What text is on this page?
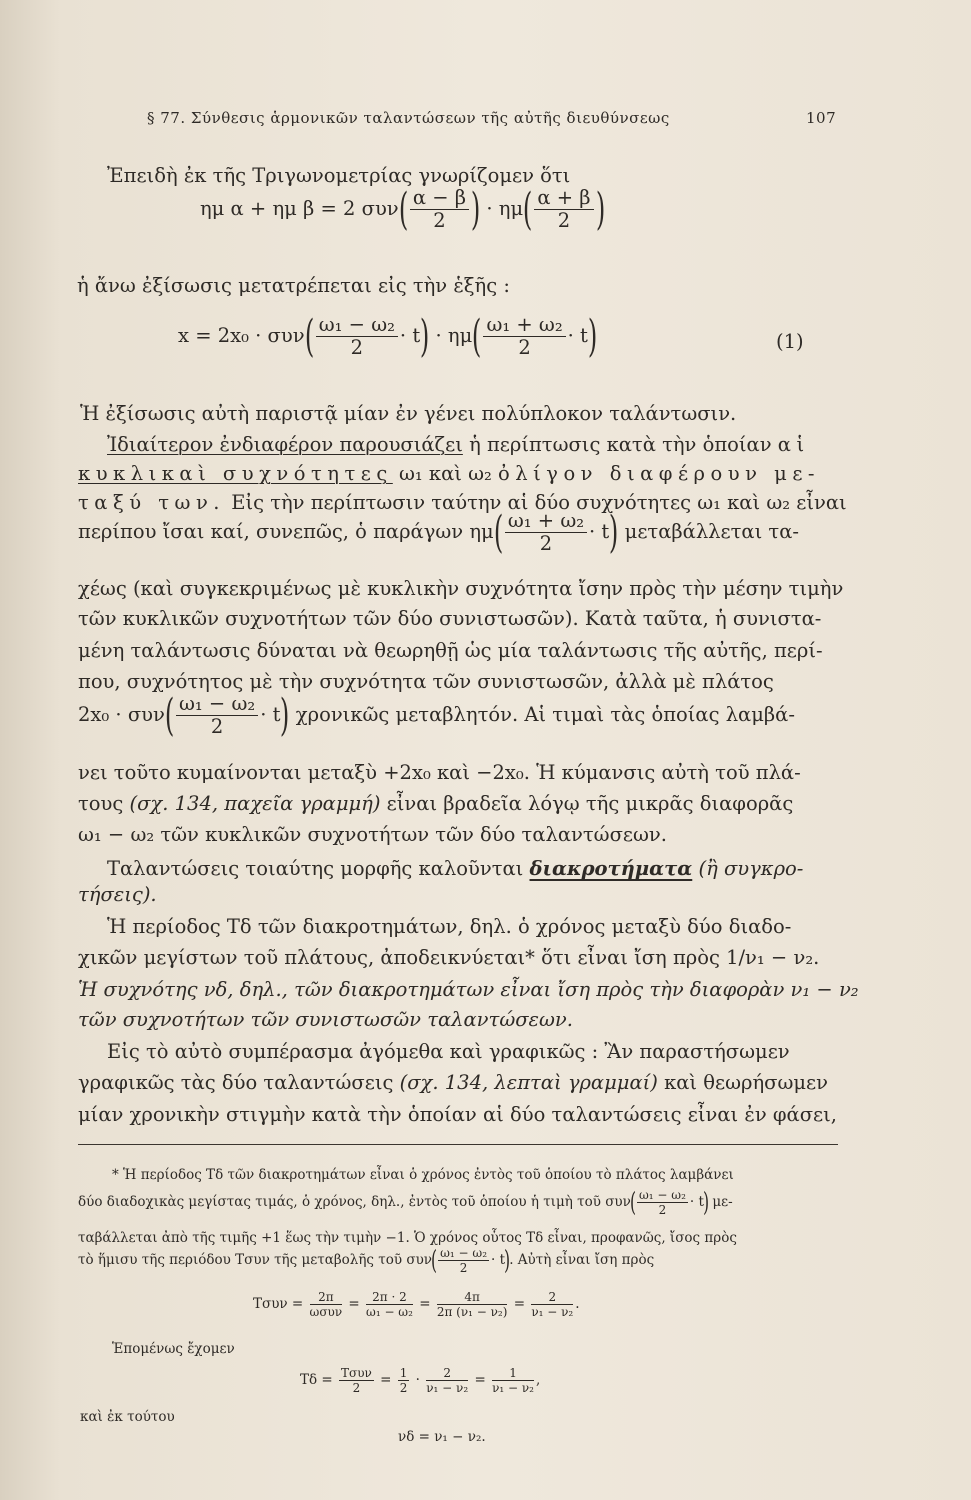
§ 77. Σύνθεσις ἁρμονικῶν ταλαντώσεων τῆς αὐτῆς διευθύνσεως	107
Ἐπειδὴ ἐκ τῆς Τριγωνομετρίας γνωρίζομεν ὅτι
ημ α + ημ β = 2 $\sigma\upsilon\nu( \frac{\alpha - \beta}{2}$ ) · $\eta\mu( \frac{\alpha + \beta}{2}$ )
ἡ ἄνω ἐξίσωσις μετατρέπεται εἰς τὴν ἑξῆς :
$x = 2x_0 \cdot \sigma\upsilon\nu( \frac{\text{ω₁ − ω₂}}{2} \cdot t) \cdot \eta\mu( \frac{\text{ω₁ + ω₂}}{2} \cdot t)$	(1)
Ἡ ἐξίσωσις αὐτὴ παριστᾷ μίαν ἐν γένει πολύπλοκον ταλάντωσιν.
Ἰδιαίτερον ἐνδιαφέρον παρουσιάζει ἡ περίπτωσις κατὰ τὴν ὁποίαν αἱ
κυκλικαὶ συχνότητες ω₁ καὶ ω₂ ὀλίγον διαφέρουν με-
ταξύ των. Εἰς τὴν περίπτωσιν ταύτην αἱ δύο συχνότητες ω₁ καὶ ω₂ εἶναι
περίπου ἴσαι καί, συνεπῶς, ὁ παράγων $\eta\mu( \frac{\text{ω₁ + ω₂}}{2} \cdot t)$ μεταβάλλεται τα-
χέως (καὶ συγκεκριμένως μὲ κυκλικὴν συχνότητα ἴσην πρὸς τὴν μέσην τιμὴν
τῶν κυκλικῶν συχνοτήτων τῶν δύο συνιστωσῶν). Κατὰ ταῦτα, ἡ συνιστα-
μένη ταλάντωσις δύναται νὰ θεωρηθῇ ὡς μία ταλάντωσις τῆς αὐτῆς, περί-
που, συχνότητος μὲ τὴν συχνότητα τῶν συνιστωσῶν, ἀλλὰ μὲ πλάτος
$2x_0 \cdot \sigma\upsilon\nu( \frac{\text{ω₁ − ω₂}}{2} \cdot t)$ χρονικῶς μεταβλητόν. Αἱ τιμαὶ τὰς ὁποίας λαμβά-
νει τοῦτο κυμαίνονται μεταξὺ +2x₀ καὶ −2x₀. Ἡ κύμανσις αὐτὴ τοῦ πλά-
τους (σχ. 134, παχεῖα γραμμή) εἶναι βραδεῖα λόγῳ τῆς μικρᾶς διαφορᾶς
ω₁ − ω₂ τῶν κυκλικῶν συχνοτήτων τῶν δύο ταλαντώσεων.
Ταλαντώσεις τοιαύτης μορφῆς καλοῦνται διακροτήματα (ἢ συγκρο-
τήσεις).
Ἡ περίοδος Tδ τῶν διακροτημάτων, δηλ. ὁ χρόνος μεταξὺ δύο διαδο-
χικῶν μεγίστων τοῦ πλάτους, ἀποδεικνύεται* ὅτι εἶναι ἴση πρὸς 1/ν₁ − ν₂.
Ἡ συχνότης νδ, δηλ., τῶν διακροτημάτων εἶναι ἴση πρὸς τὴν διαφορὰν ν₁ − ν₂
τῶν συχνοτήτων τῶν συνιστωσῶν ταλαντώσεων.
Εἰς τὸ αὐτὸ συμπέρασμα ἀγόμεθα καὶ γραφικῶς : Ἂν παραστήσωμεν
γραφικῶς τὰς δύο ταλαντώσεις (σχ. 134, λεπταὶ γραμμαί) καὶ θεωρήσωμεν
μίαν χρονικὴν στιγμὴν κατὰ τὴν ὁποίαν αἱ δύο ταλαντώσεις εἶναι ἐν φάσει,
* Ἡ περίοδος Tδ τῶν διακροτημάτων εἶναι ὁ χρόνος ἐντὸς τοῦ ὁποίου τὸ πλάτος λαμβάνει
δύο διαδοχικὰς μεγίστας τιμάς, ὁ χρόνος, δηλ., ἐντὸς τοῦ ὁποίου ἡ τιμὴ τοῦ $\sigma\upsilon\nu( \frac{\text{ω₁ − ω₂}}{2} \cdot t)$ με-
ταβάλλεται ἀπὸ τῆς τιμῆς +1 ἕως τὴν τιμὴν −1. Ὁ χρόνος οὗτος Tδ εἶναι, προφανῶς, ἴσος πρὸς
τὸ ἥμισυ τῆς περιόδου Tσυν τῆς μεταβολῆς τοῦ $\sigma\upsilon\nu( \frac{\text{ω₁ − ω₂}}{2} \cdot t)$. Αὐτὴ εἶναι ἴση πρὸς
Tσυν =	2π
$\omega\sigma\upsilon\nu = \frac{2\pi \cdot 2}{\text{ω₁ − ω₂}} = \frac{4\pi}{\text{2π (ν₁ − ν₂)}} = \frac{2}{\text{ν₁ − ν₂}}$ .
Ἑπομένως ἔχομεν
Tδ = Tσυν
2	= $\frac{1}{2} \cdot \frac{2}{\text{ν₁ − ν₂}} = \frac{1}{\text{ν₁ − ν₂}}$ ,
καὶ ἐκ τούτου
νδ = ν₁ − ν₂.
